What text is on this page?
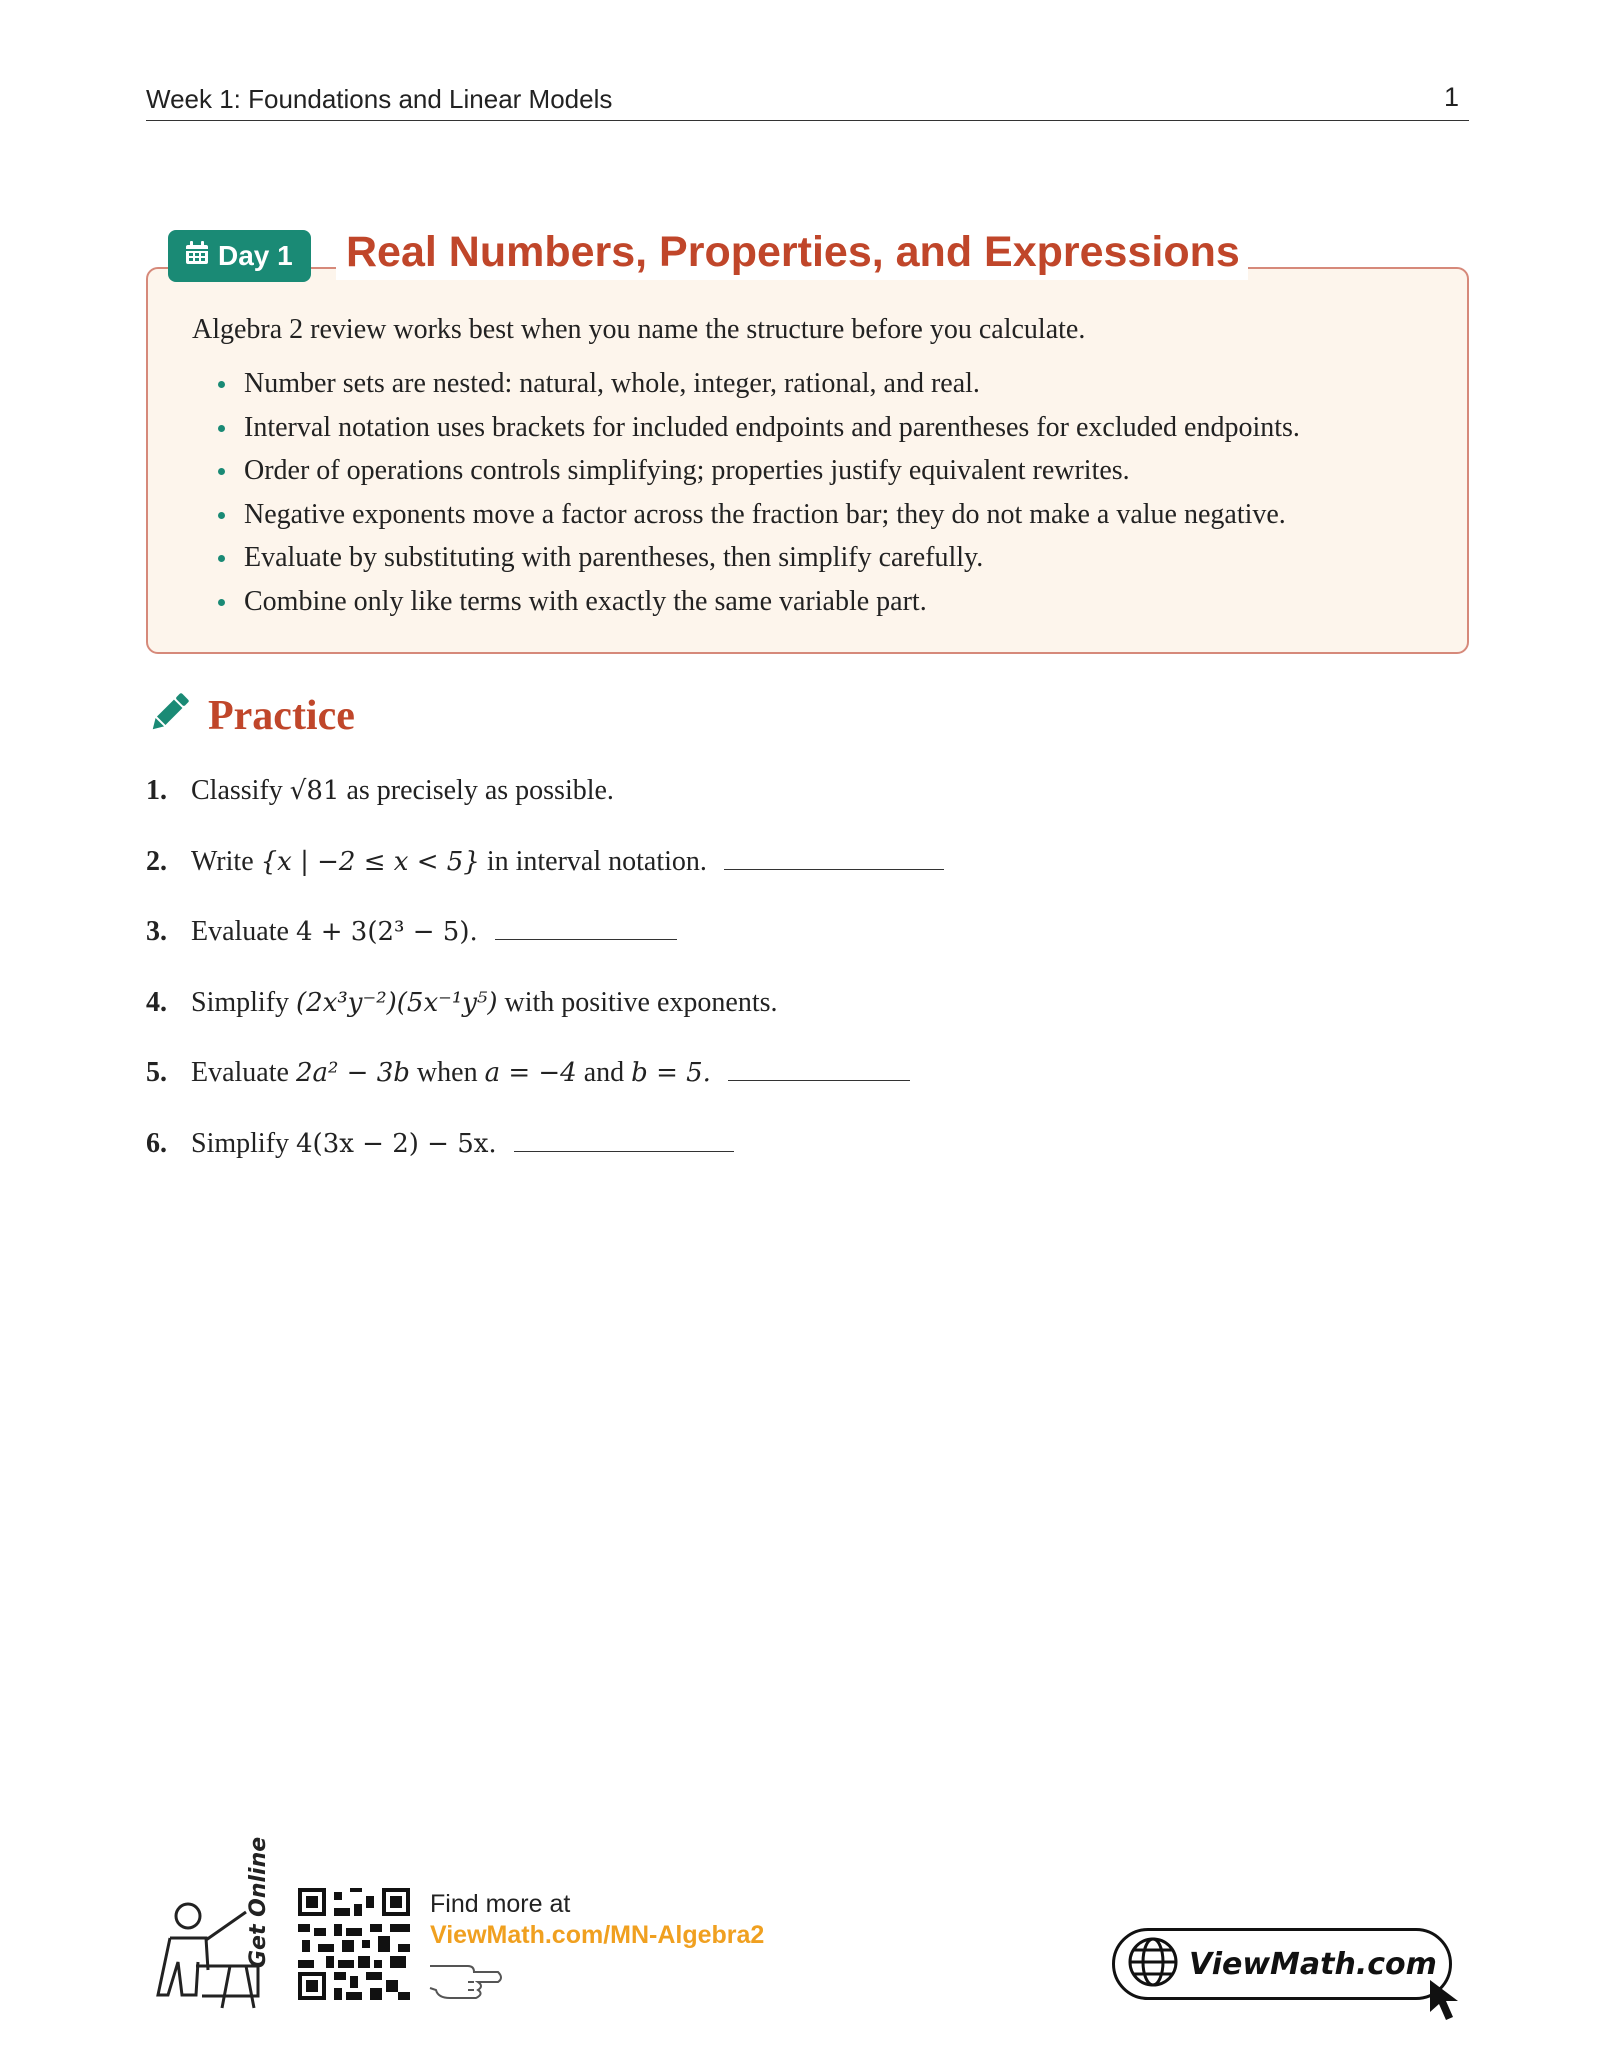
Week 1: Foundations and Linear Models	1
Day 1 Real Numbers, Properties, and Expressions
Algebra 2 review works best when you name the structure before you calculate.
Number sets are nested: natural, whole, integer, rational, and real.
Interval notation uses brackets for included endpoints and parentheses for excluded endpoints.
Order of operations controls simplifying; properties justify equivalent rewrites.
Negative exponents move a factor across the fraction bar; they do not make a value negative.
Evaluate by substituting with parentheses, then simplify carefully.
Combine only like terms with exactly the same variable part.
Practice
1. Classify √81 as precisely as possible.
2. Write {x | −2 ≤ x < 5} in interval notation.
3. Evaluate 4 + 3(2³ − 5).
4. Simplify (2x³y⁻²)(5x⁻¹y⁵) with positive exponents.
5. Evaluate 2a² − 3b when a = −4 and b = 5.
6. Simplify 4(3x − 2) − 5x.
Get Online	Find more at
ViewMath.com/MN-Algebra2
ViewMath.com
